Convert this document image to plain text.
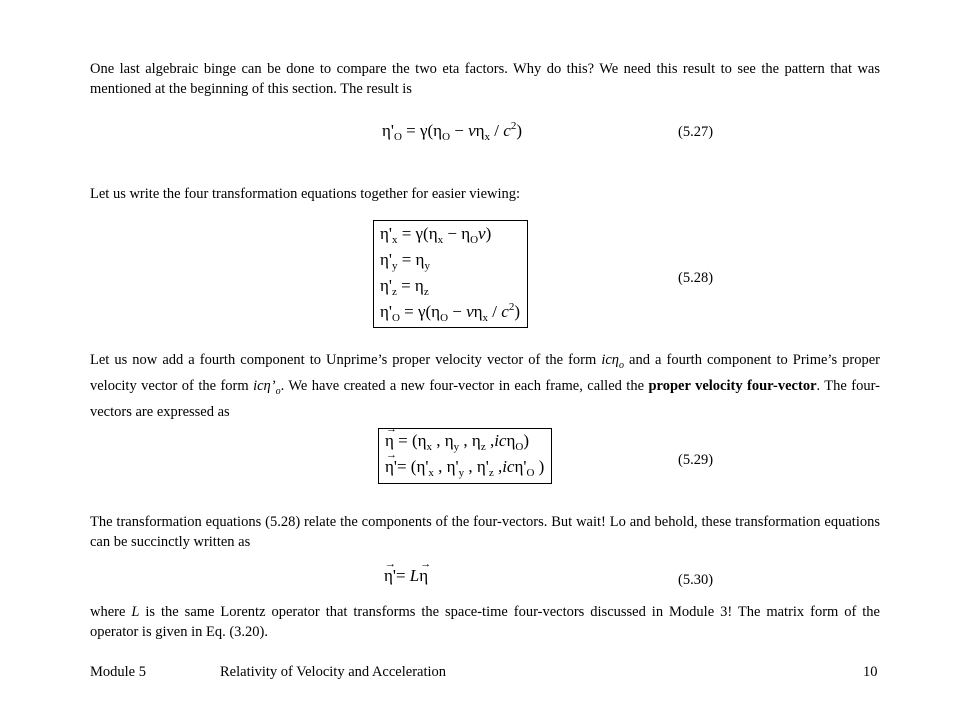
One last algebraic binge can be done to compare the two eta factors. Why do this? We need this result to see the pattern that was mentioned at the beginning of this section. The result is
$\eta'_O = \gamma(\eta_O - v\eta_x / c^2)$	(5.27)
Let us write the four transformation equations together for easier viewing:
$\eta'_x = \gamma(\eta_x - \eta_Ov)$
$\eta'_y = \eta_y$
$\eta'_z = \eta_z$
$\eta'_O = \gamma(\eta_O - v\eta_x / c^2)$
(5.28)
Let us now add a fourth component to Unprime’s proper velocity vector of the form icη$_o$ and a fourth component to Prime’s proper velocity vector of the form $ic\eta’_o$. We have created a new four-vector in each frame, called the proper velocity four-vector. The four-vectors are expressed as
→ $\eta = (\eta_x$ , $\eta_y$ , $\eta_z$ ,icη$_O$)
→ $\eta'= (\eta'_x$ , $\eta'_y$ , $\eta'_z$ $,ic\eta'_O$ )	(5.29)
The transformation equations (5.28) relate the components of the four-vectors. But wait! Lo and behold, these transformation equations can be succinctly written as
→ η'= L→ η	(5.30)
where L is the same Lorentz operator that transforms the space-time four-vectors discussed in Module 3! The matrix form of the operator is given in Eq. (3.20).
Module 5	Relativity of Velocity and Acceleration	10
